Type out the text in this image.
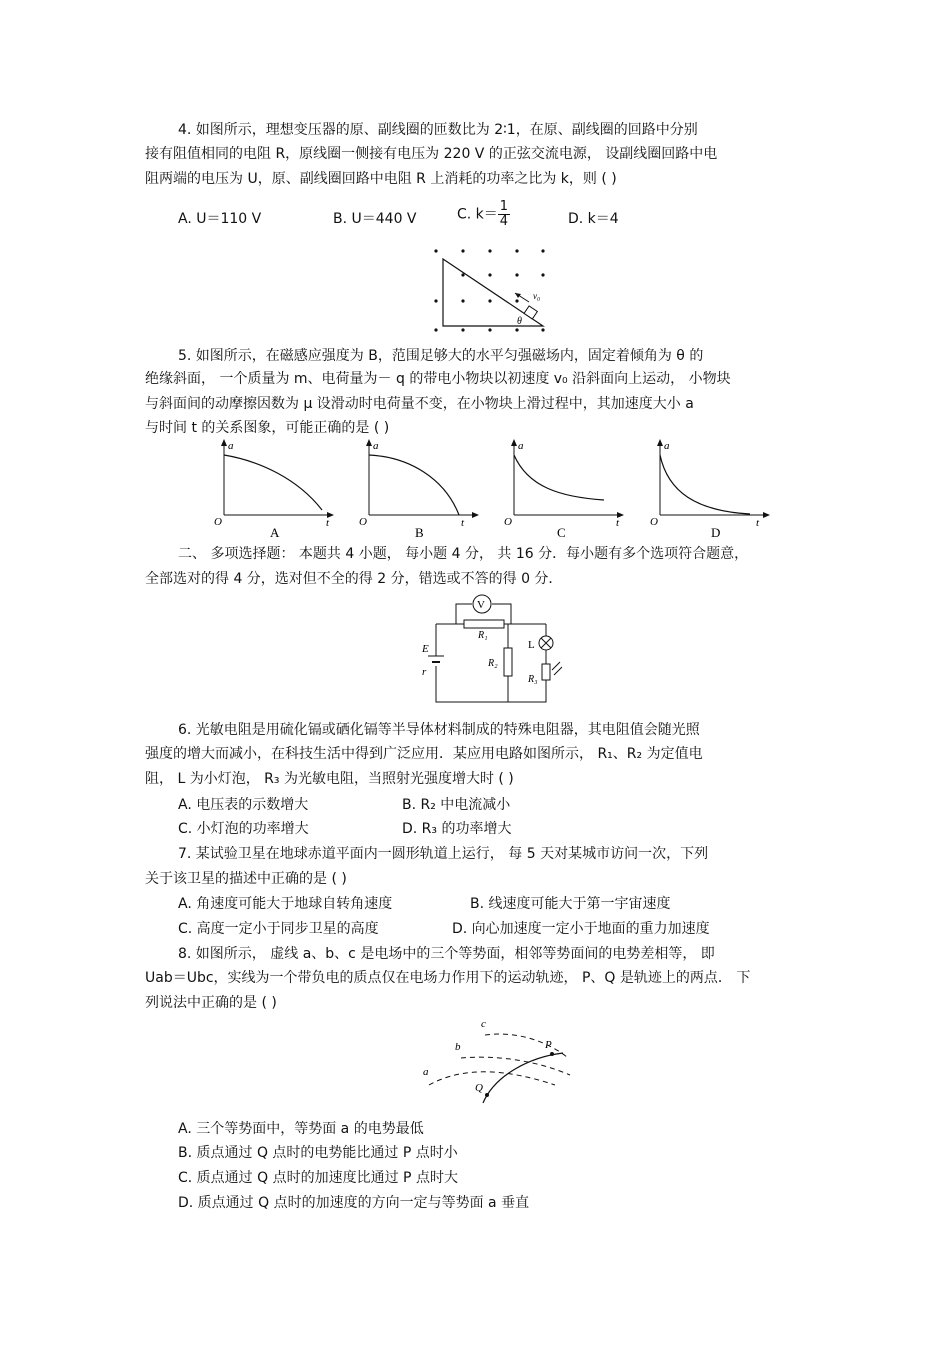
4. 如图所示，理想变压器的原、副线圈的匝数比为 2∶1，在原、副线圈的回路中分别
接有阻值相同的电阻 R，原线圈一侧接有电压为 220 V 的正弦交流电源， 设副线圈回路中电
阻两端的电压为 U，原、副线圈回路中电阻 R 上消耗的功率之比为 k，则 ( )
A. U＝110 V	B. U＝440 V	C. $k= \frac{1}{4}$	D. k＝4
v₀
θ
5. 如图所示，在磁感应强度为 B，范围足够大的水平匀强磁场内，固定着倾角为 θ 的
绝缘斜面， 一个质量为 m、电荷量为－ q 的带电小物块以初速度 v₀ 沿斜面向上运动， 小物块
与斜面间的动摩擦因数为 μ 设滑动时电荷量不变，在小物块上滑过程中，其加速度大小 a
与时间 t 的关系图象，可能正确的是 ( )
a
O	t
A
a
O	t
B
a
O	t
C
a
O	t
D
二、 多项选择题： 本题共 4 小题， 每小题 4 分， 共 16 分．每小题有多个选项符合题意，
全部选对的得 4 分，选对但不全的得 2 分，错选或不答的得 0 分．
V
R₁
R₂
L
R₃
E
r
6. 光敏电阻是用硫化镉或硒化镉等半导体材料制成的特殊电阻器，其电阻值会随光照
强度的增大而减小，在科技生活中得到广泛应用．某应用电路如图所示， R₁、R₂ 为定值电
阻， L 为小灯泡， R₃ 为光敏电阻，当照射光强度增大时 ( )
A. 电压表的示数增大	B. R₂ 中电流减小
C. 小灯泡的功率增大	D. R₃ 的功率增大
7. 某试验卫星在地球赤道平面内一圆形轨道上运行， 每 5 天对某城市访问一次，下列
关于该卫星的描述中正确的是 ( )
A. 角速度可能大于地球自转角速度	B. 线速度可能大于第一宇宙速度
C. 高度一定小于同步卫星的高度	D. 向心加速度一定小于地面的重力加速度
8. 如图所示， 虚线 a、b、c 是电场中的三个等势面，相邻等势面间的电势差相等， 即
Uab＝Ubc，实线为一个带负电的质点仅在电场力作用下的运动轨迹， P、Q 是轨迹上的两点． 下
列说法中正确的是 ( )
a
b
c
P
Q
A. 三个等势面中，等势面 a 的电势最低
B. 质点通过 Q 点时的电势能比通过 P 点时小
C. 质点通过 Q 点时的加速度比通过 P 点时大
D. 质点通过 Q 点时的加速度的方向一定与等势面 a 垂直
